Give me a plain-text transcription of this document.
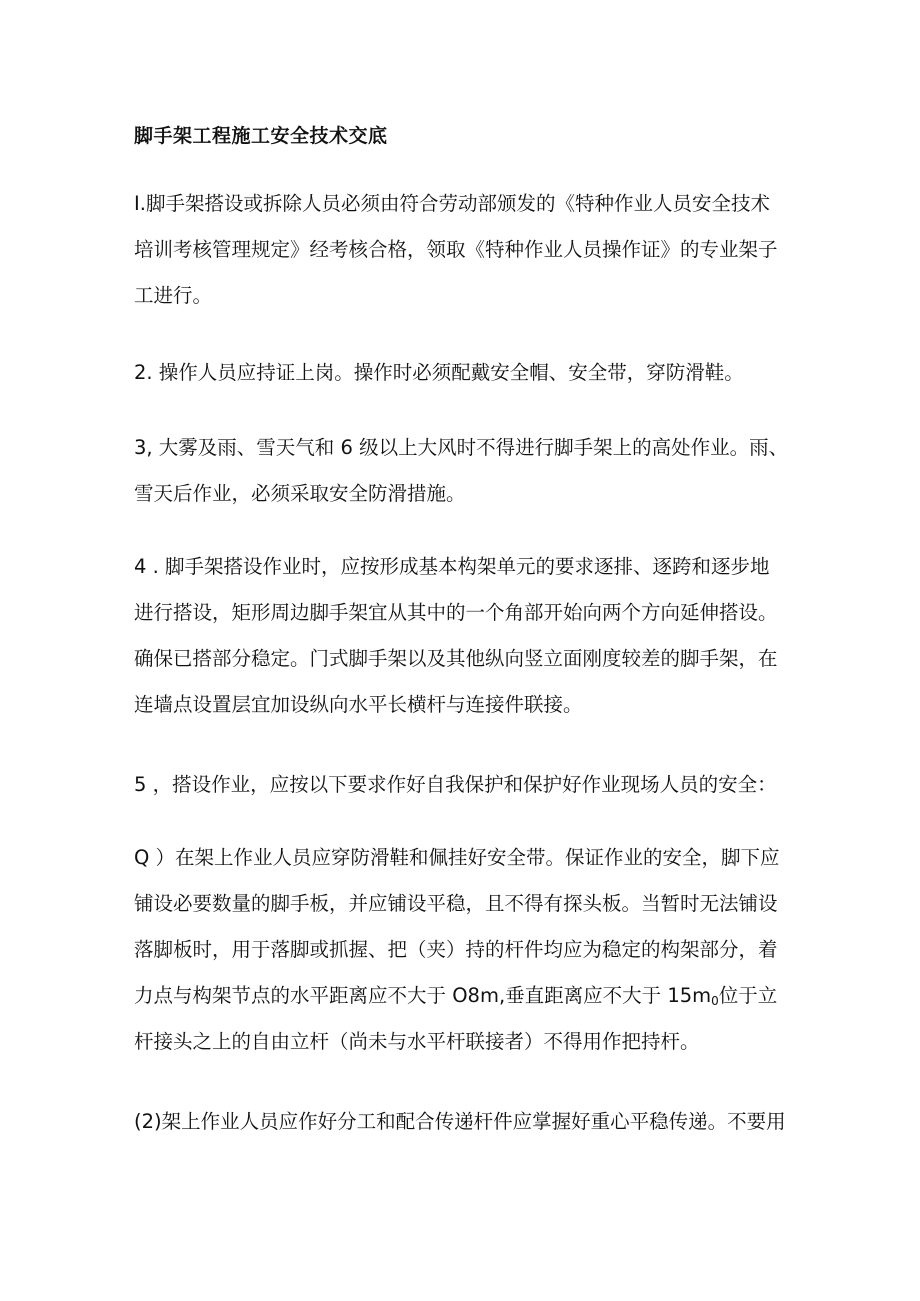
脚手架工程施工安全技术交底
I.脚手架搭设或拆除人员必须由符合劳动部颁发的《特种作业人员安全技术
培训考核管理规定》经考核合格，领取《特种作业人员操作证》的专业架子
工进行。
2. 操作人员应持证上岗。操作时必须配戴安全帽、安全带，穿防滑鞋。
3, 大雾及雨、雪天气和 6 级以上大风时不得进行脚手架上的高处作业。雨、
雪天后作业，必须采取安全防滑措施。
4 . 脚手架搭设作业时，应按形成基本构架单元的要求逐排、逐跨和逐步地
进行搭设，矩形周边脚手架宜从其中的一个角部开始向两个方向延伸搭设。
确保已搭部分稳定。门式脚手架以及其他纵向竖立面刚度较差的脚手架，在
连墙点设置层宜加设纵向水平长横杆与连接件联接。
5 ，搭设作业，应按以下要求作好自我保护和保护好作业现场人员的安全：
Q ）在架上作业人员应穿防滑鞋和佩挂好安全带。保证作业的安全，脚下应
铺设必要数量的脚手板，并应铺设平稳，且不得有探头板。当暂时无法铺设
落脚板时，用于落脚或抓握、把（夹）持的杆件均应为稳定的构架部分，着
力点与构架节点的水平距离应不大于 O8m,垂直距离应不大于 $15m_0$位于立
杆接头之上的自由立杆（尚未与水平杆联接者）不得用作把持杆。
(2)架上作业人员应作好分工和配合传递杆件应掌握好重心平稳传递。不要用
